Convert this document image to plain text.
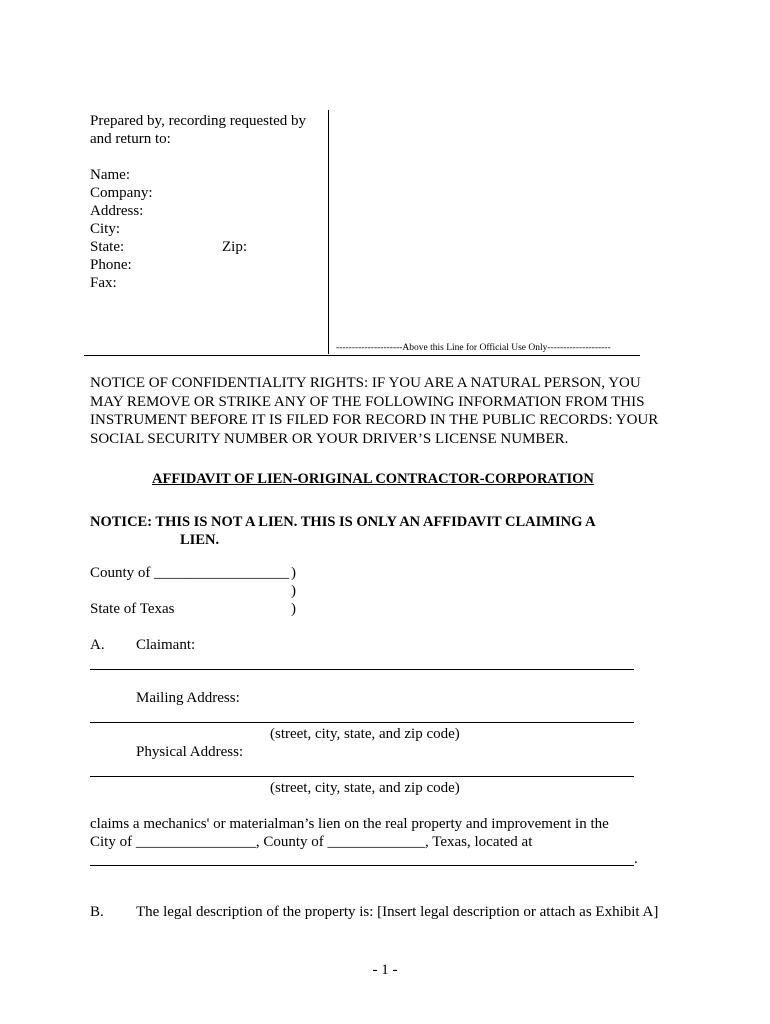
Prepared by, recording requested by
and return to:
Name:
Company:
Address:
City:
State:	Zip:
Phone:
Fax:
---------------------Above this Line for Official Use Only--------------------
NOTICE OF CONFIDENTIALITY RIGHTS: IF YOU ARE A NATURAL PERSON, YOU
MAY REMOVE OR STRIKE ANY OF THE FOLLOWING INFORMATION FROM THIS
INSTRUMENT BEFORE IT IS FILED FOR RECORD IN THE PUBLIC RECORDS: YOUR
SOCIAL SECURITY NUMBER OR YOUR DRIVER’S LICENSE NUMBER.
AFFIDAVIT OF LIEN-ORIGINAL CONTRACTOR-CORPORATION
NOTICE: THIS IS NOT A LIEN. THIS IS ONLY AN AFFIDAVIT CLAIMING A
LIEN.
County of __________________ )
)
State of Texas	)
A. Claimant:
Mailing Address:
(street, city, state, and zip code)
Physical Address:
(street, city, state, and zip code)
claims a mechanics' or materialman’s lien on the real property and improvement in the
City of ________________, County of _____________, Texas, located at
.
B. The legal description of the property is: [Insert legal description or attach as Exhibit A]
- 1 -
